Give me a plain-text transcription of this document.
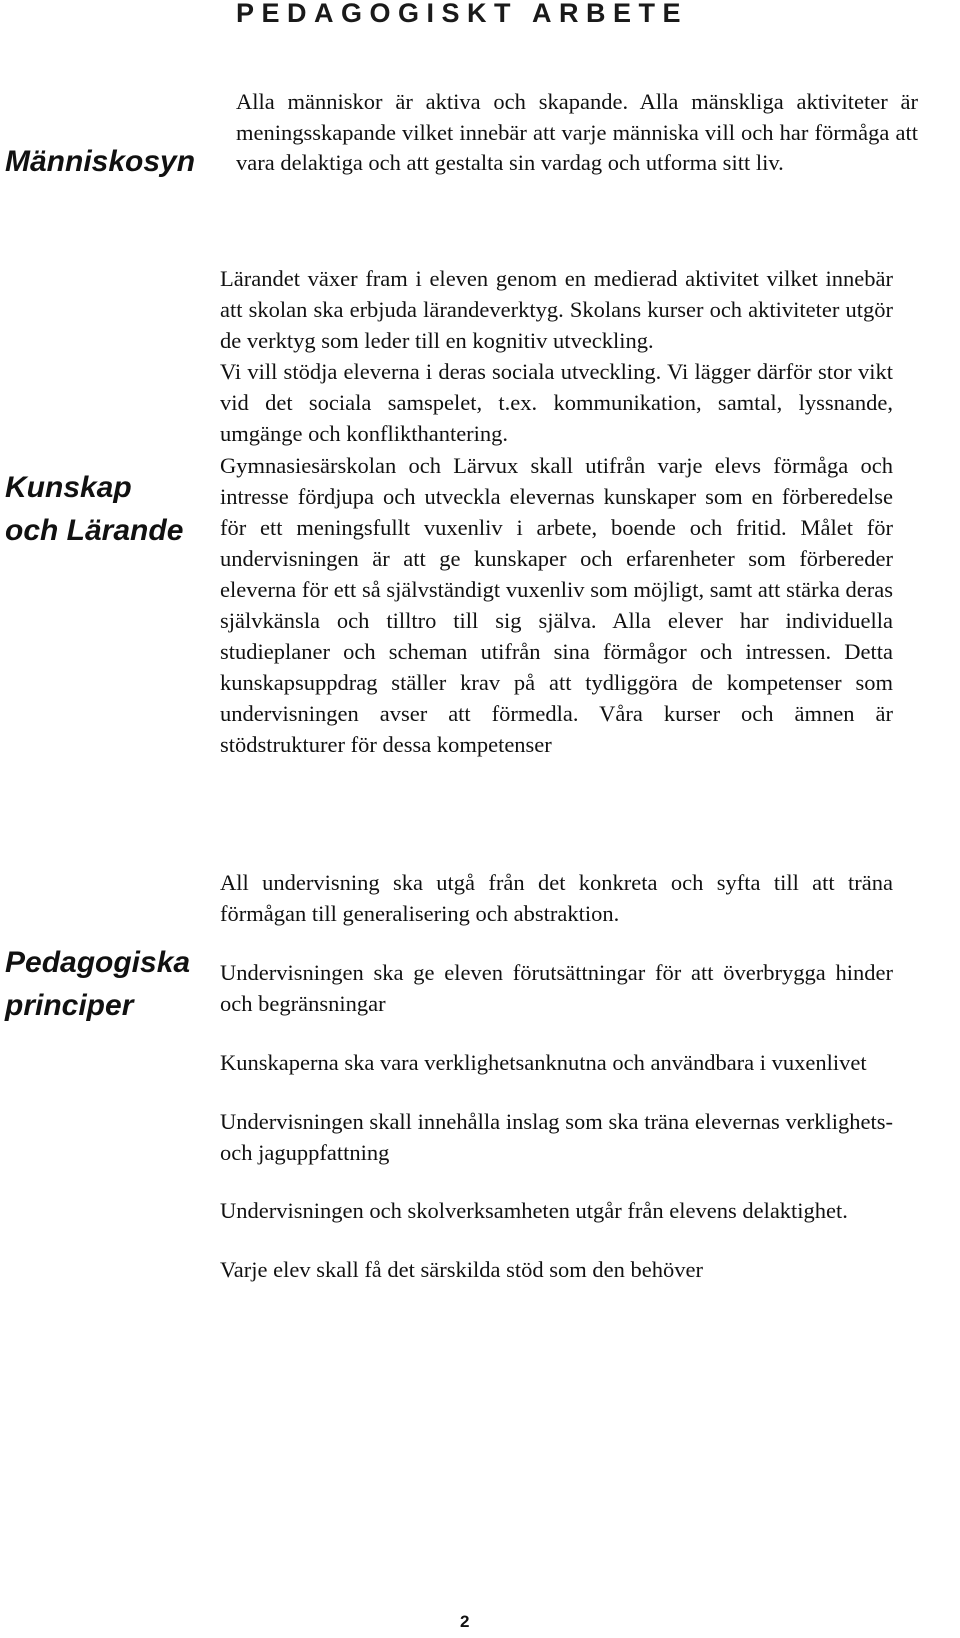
PEDAGOGISKT ARBETE
Människosyn

Alla människor är aktiva och skapande. Alla mänskliga aktiviteter är meningsskapande vilket innebär att varje människa vill och har förmåga att vara delaktiga och att gestalta sin vardag och utforma sitt liv.

Kunskap
och Lärande

Lärandet växer fram i eleven genom en medierad aktivitet vilket innebär att skolan ska erbjuda lärandeverktyg. Skolans kurser och aktiviteter utgör de verktyg som leder till en kognitiv utveckling.

Vi vill stödja eleverna i deras sociala utveckling. Vi lägger därför stor vikt vid det sociala samspelet, t.ex. kommunikation, samtal, lyssnande, umgänge och konflikthantering.

Gymnasiesärskolan och Lärvux skall utifrån varje elevs förmåga och intresse fördjupa och utveckla elevernas kunskaper som en förberedelse för ett meningsfullt vuxenliv i arbete, boende och fritid. Målet för undervisningen är att ge kunskaper och erfarenheter som förbereder eleverna för ett så självständigt vuxenliv som möjligt, samt att stärka deras självkänsla och tilltro till sig själva. Alla elever har individuella studieplaner och scheman utifrån sina förmågor och intressen. Detta kunskapsuppdrag ställer krav på att tydliggöra de kompetenser som undervisningen avser att förmedla. Våra kurser och ämnen är stödstrukturer för dessa kompetenser

Pedagogiska
principer

All undervisning ska utgå från det konkreta och syfta till att träna förmågan till generalisering och abstraktion.

Undervisningen ska ge eleven förutsättningar för att överbrygga hinder och begränsningar

Kunskaperna ska vara verklighetsanknutna och användbara i vuxenlivet

Undervisningen skall innehålla inslag som ska träna elevernas verklighets- och jaguppfattning

Undervisningen och skolverksamheten utgår från elevens delaktighet.

Varje elev skall få det särskilda stöd som den behöver

2
